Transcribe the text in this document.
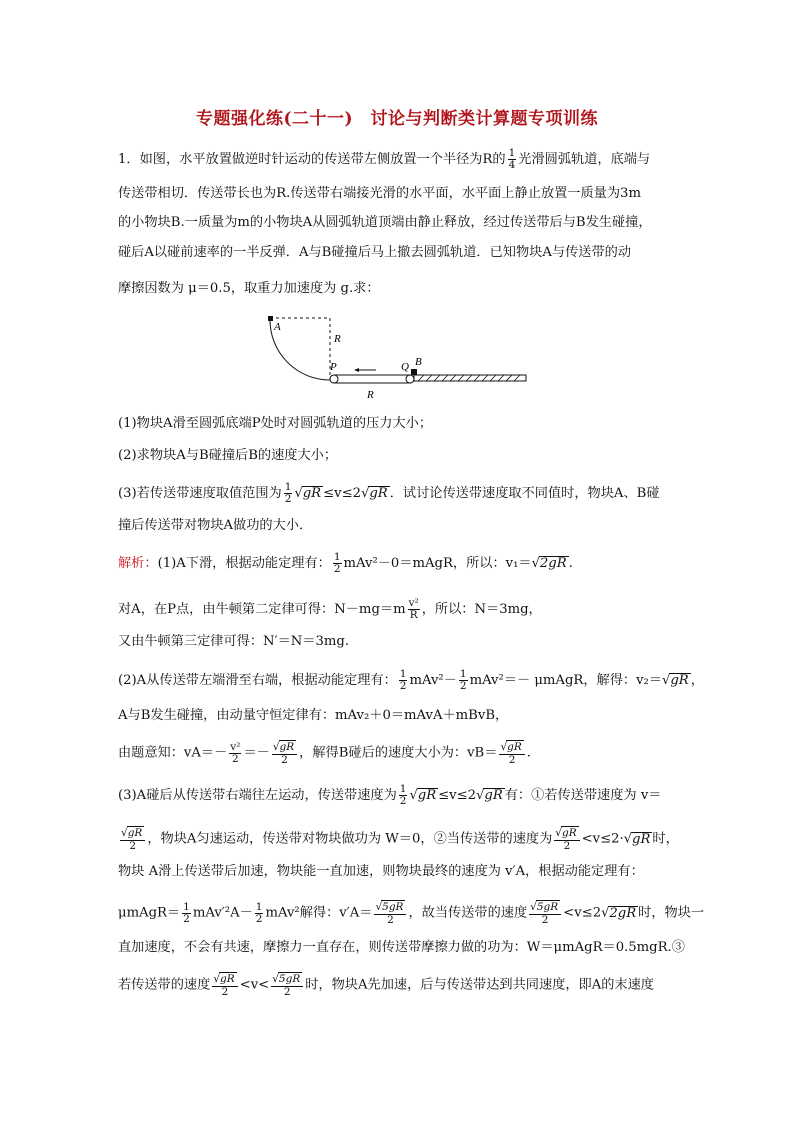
专题强化练(二十一)　讨论与判断类计算题专项训练
1．如图，水平放置做逆时针运动的传送带左侧放置一个半径为R的 $\frac{1}{4}$ 光滑圆弧轨道，底端与
传送带相切．传送带长也为R.传送带右端接光滑的水平面，水平面上静止放置一质量为3m
的小物块B.一质量为m的小物块A从圆弧轨道顶端由静止释放，经过传送带后与B发生碰撞，
碰后A以碰前速率的一半反弹．A与B碰撞后马上撤去圆弧轨道．已知物块A与传送带的动
摩擦因数为 μ＝0.5，取重力加速度为 g.求：
A
R
P	Q B
R
(1)物块A滑至圆弧底端P处时对圆弧轨道的压力大小；
(2)求物块A与B碰撞后B的速度大小；
(3)若传送带速度取值范围为 $\frac{1}{2} √gR \le v\le 2√gR$ ．试讨论传送带速度取不同值时，物块A、B碰
撞后传送带对物块A做功的大小．
解析：(1)A下滑，根据动能定理有： $\frac{1}{2}$ mAv²－0＝mAgR，所以：v₁＝√2gR .
对A，在P点，由牛顿第二定律可得：$N-mg=m \frac{\text{v²}}{R}$ ，所以：N＝3mg，
又由牛顿第三定律可得：N′＝N＝3mg.
(2)A从传送带左端滑至右端，根据动能定理有： $\frac{1}{2} mAv^2- \frac{1}{2} mAv^2=-$ μmAgR，解得：v₂＝√gR ，
A与B发生碰撞，由动量守恒定律有：mAv₂＋0＝mAvA＋mBvB，
由题意知：$vA=- \frac{\text{v²}}{2} =- \frac{√gR}{2}$ ，解得B碰后的速度大小为：$vB= \frac{√gR}{2}$ .
(3)A碰后从传送带右端往左运动，传送带速度为 $\frac{1}{2} √gR \le v\le 2√gR$ 有：①若传送带速度为 v＝
$\frac{√gR}{2}$ ，物块A匀速运动，传送带对物块做功为 W＝0，②当传送带的速度为 $\frac{√gR}{2} <v\le 2\cdot√gR$ 时，
物块 A滑上传送带后加速，物块能一直加速，则物块最终的速度为 v′A，根据动能定理有：
μmAgR＝ $\frac{1}{2} mAv'^2A- \frac{1}{2} mAv^2$解得：$v'A= \frac{√5gR}{2}$ ，故当传送带的速度 $\frac{√5gR}{2} <v\le 2√2gR$ 时，物块一
直加速度，不会有共速，摩擦力一直存在，则传送带摩擦力做的功为：W＝μmAgR＝0.5mgR.③
若传送带的速度 $\frac{√gR}{2} <v< \frac{√5gR}{2}$ 时，物块A先加速，后与传送带达到共同速度，即A的末速度
